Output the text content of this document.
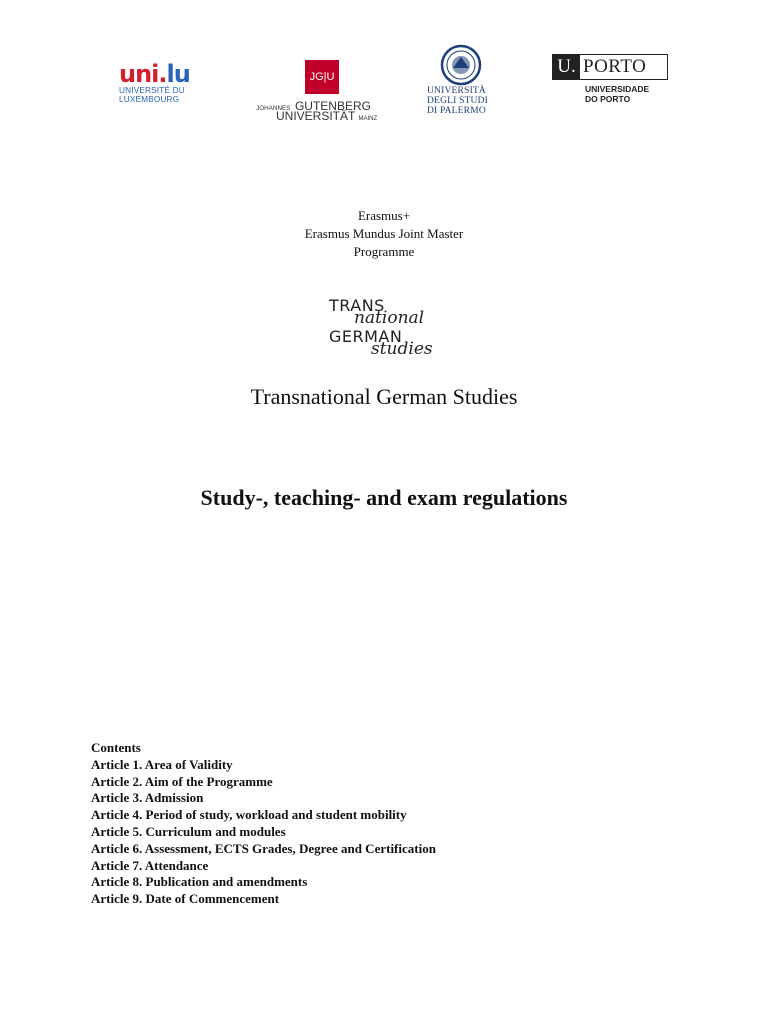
uni.lu
UNIVERSITÉ DU
LUXEMBOURG
JG|U
JOHANNES GUTENBERG
UNIVERSITÄT MAINZ
UNIVERSITÀ
DEGLI STUDI
DI PALERMO
U. PORTO
UNIVERSIDADE
DO PORTO
Erasmus+
Erasmus Mundus Joint Master
Programme
TRANS
national
GERMAN
studies
Transnational German Studies
Study-, teaching- and exam regulations
Contents
Article 1. Area of Validity
Article 2. Aim of the Programme
Article 3. Admission
Article 4. Period of study, workload and student mobility
Article 5. Curriculum and modules
Article 6. Assessment, ECTS Grades, Degree and Certification
Article 7. Attendance
Article 8. Publication and amendments
Article 9. Date of Commencement
